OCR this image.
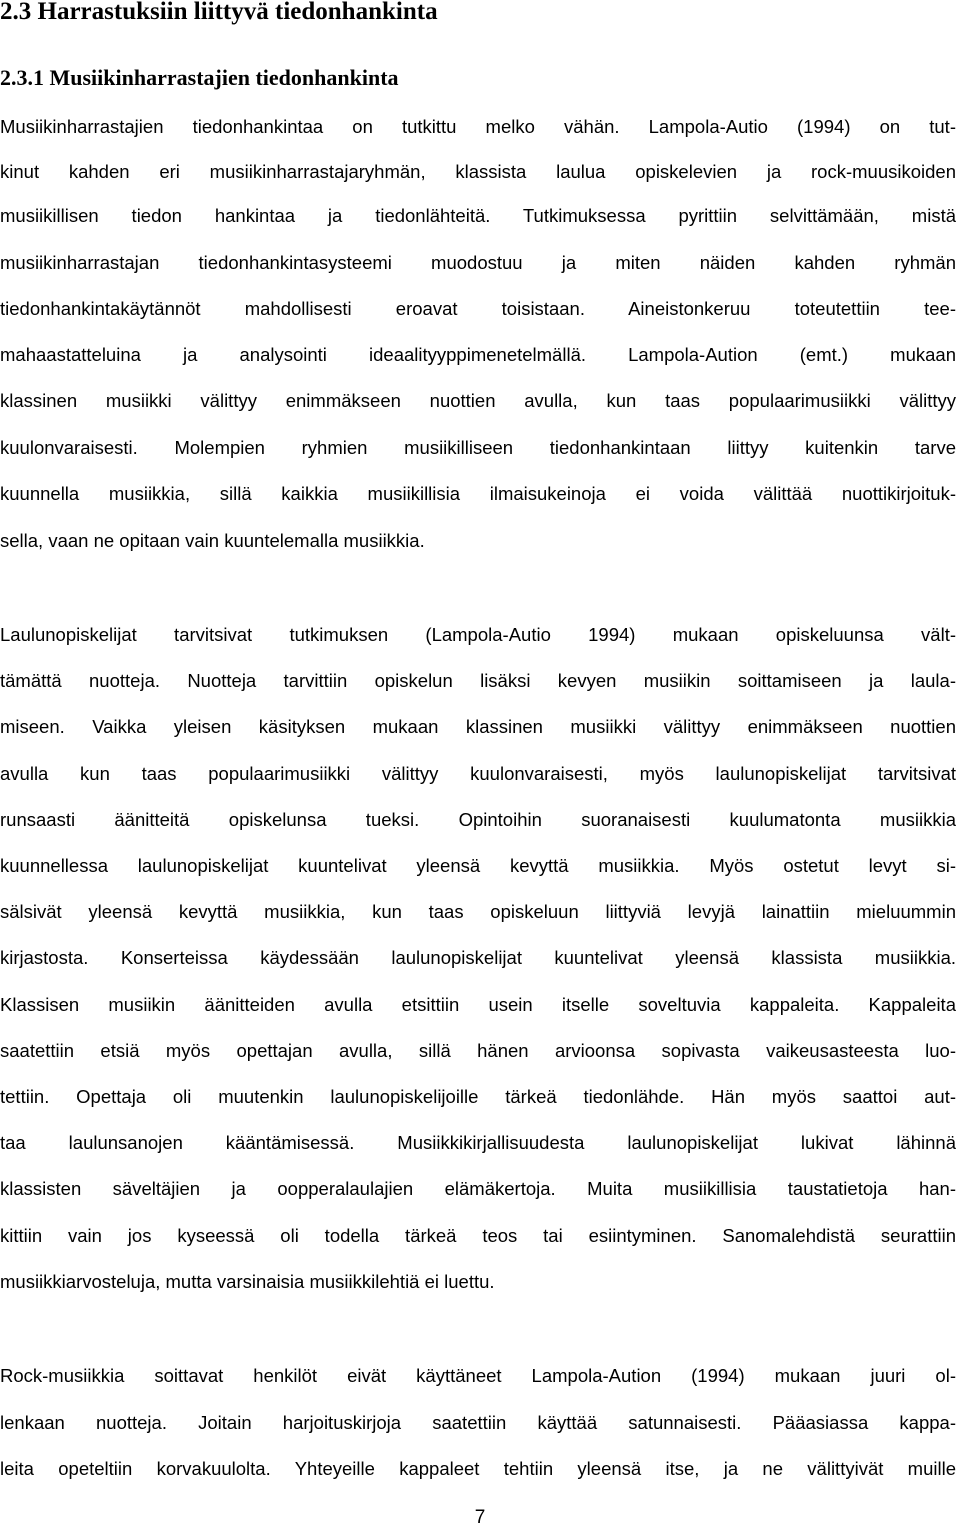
2.3 Harrastuksiin liittyvä tiedonhankinta
2.3.1 Musiikinharrastajien tiedonhankinta

Musiikinharrastajien tiedonhankintaa on tutkittu melko vähän. Lampola-Autio (1994) on tut-

kinut kahden eri musiikinharrastajaryhmän, klassista laulua opiskelevien ja rock-muusikoiden

musiikillisen tiedon hankintaa ja tiedonlähteitä. Tutkimuksessa pyrittiin selvittämään, mistä

musiikinharrastajan tiedonhankintasysteemi muodostuu ja miten näiden kahden ryhmän

tiedonhankintakäytännöt mahdollisesti eroavat toisistaan. Aineistonkeruu toteutettiin tee-

mahaastatteluina ja analysointi ideaalityyppimenetelmällä. Lampola-Aution (emt.) mukaan

klassinen musiikki välittyy enimmäkseen nuottien avulla, kun taas populaarimusiikki välittyy

kuulonvaraisesti. Molempien ryhmien musiikilliseen tiedonhankintaan liittyy kuitenkin tarve

kuunnella musiikkia, sillä kaikkia musiikillisia ilmaisukeinoja ei voida välittää nuottikirjoituk-

sella, vaan ne opitaan vain kuuntelemalla musiikkia.

Laulunopiskelijat tarvitsivat tutkimuksen (Lampola-Autio 1994) mukaan opiskeluunsa vält-

tämättä nuotteja. Nuotteja tarvittiin opiskelun lisäksi kevyen musiikin soittamiseen ja laula-

miseen. Vaikka yleisen käsityksen mukaan klassinen musiikki välittyy enimmäkseen nuottien

avulla kun taas populaarimusiikki välittyy kuulonvaraisesti, myös laulunopiskelijat tarvitsivat

runsaasti äänitteitä opiskelunsa tueksi. Opintoihin suoranaisesti kuulumatonta musiikkia

kuunnellessa laulunopiskelijat kuuntelivat yleensä kevyttä musiikkia. Myös ostetut levyt si-

sälsivät yleensä kevyttä musiikkia, kun taas opiskeluun liittyviä levyjä lainattiin mieluummin

kirjastosta. Konserteissa käydessään laulunopiskelijat kuuntelivat yleensä klassista musiikkia.

Klassisen musiikin äänitteiden avulla etsittiin usein itselle soveltuvia kappaleita. Kappaleita

saatettiin etsiä myös opettajan avulla, sillä hänen arvioonsa sopivasta vaikeusasteesta luo-

tettiin. Opettaja oli muutenkin laulunopiskelijoille tärkeä tiedonlähde. Hän myös saattoi aut-

taa laulunsanojen kääntämisessä. Musiikkikirjallisuudesta laulunopiskelijat lukivat lähinnä

klassisten säveltäjien ja oopperalaulajien elämäkertoja. Muita musiikillisia taustatietoja han-

kittiin vain jos kyseessä oli todella tärkeä teos tai esiintyminen. Sanomalehdistä seurattiin

musiikkiarvosteluja, mutta varsinaisia musiikkilehtiä ei luettu.

Rock-musiikkia soittavat henkilöt eivät käyttäneet Lampola-Aution (1994) mukaan juuri ol-

lenkaan nuotteja. Joitain harjoituskirjoja saatettiin käyttää satunnaisesti. Pääasiassa kappa-

leita opeteltiin korvakuulolta. Yhteyeille kappaleet tehtiin yleensä itse, ja ne välittyivät muille

7
